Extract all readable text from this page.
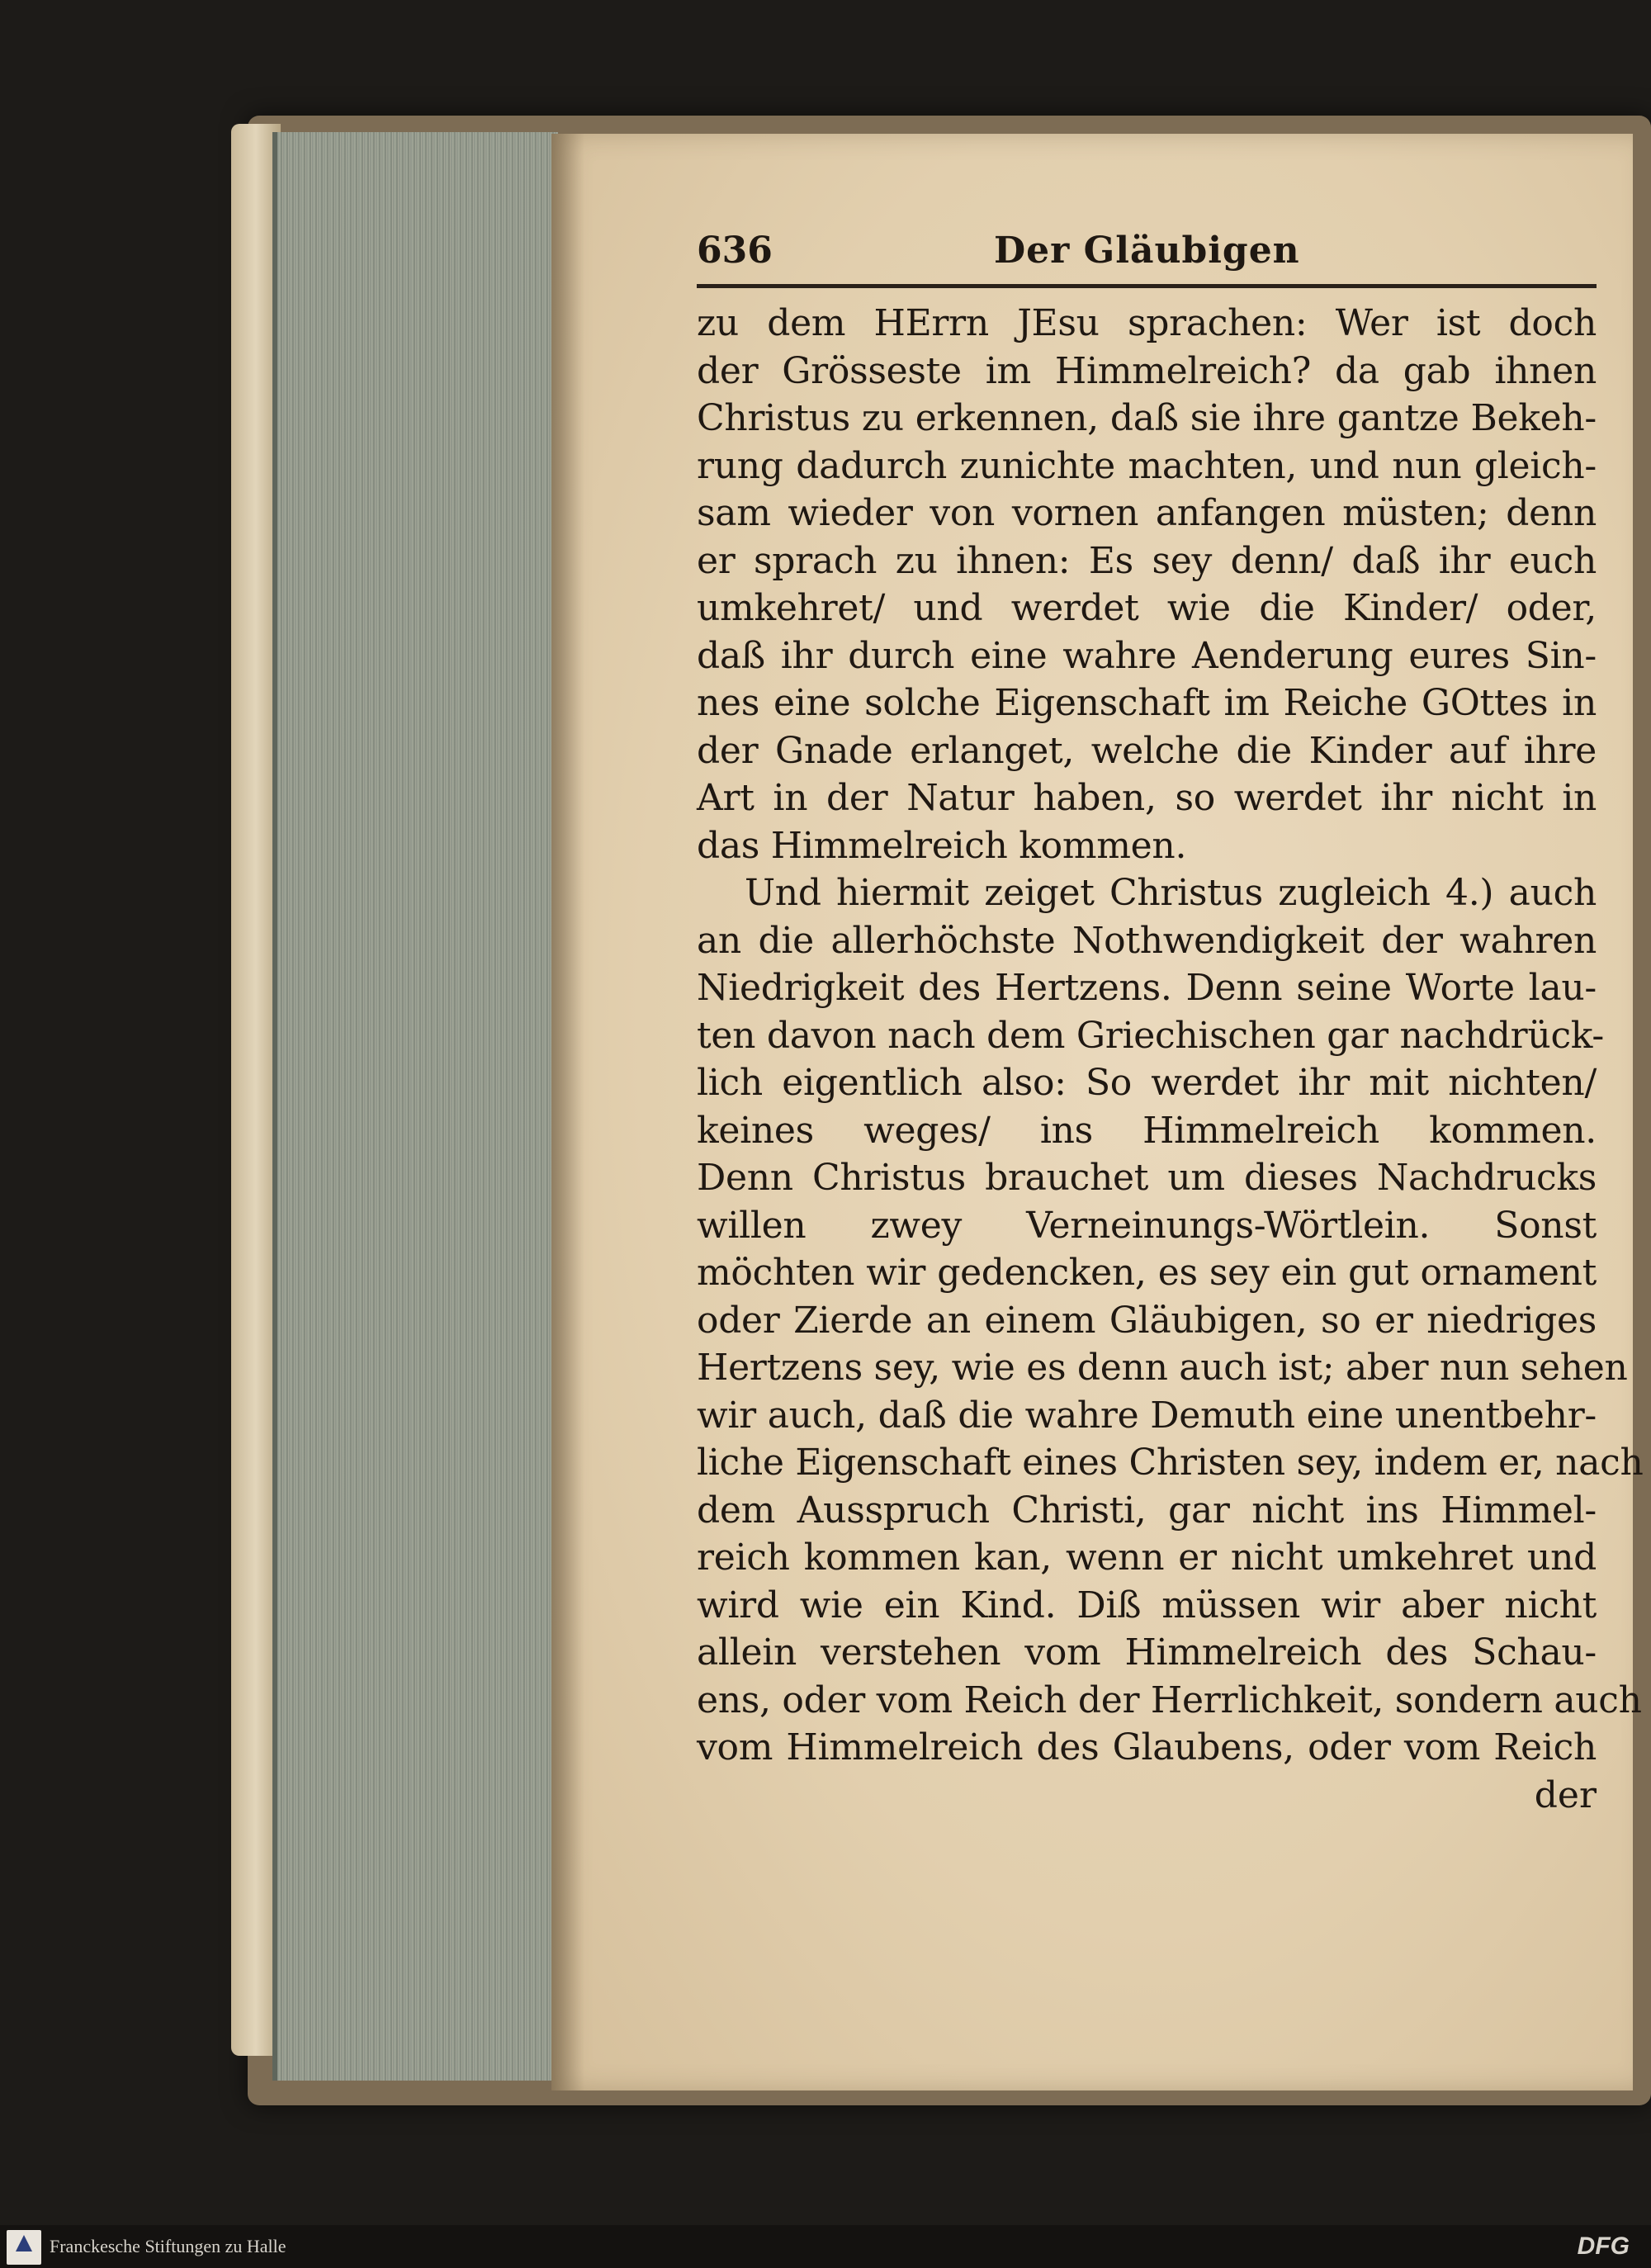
636	Der Gläubigen
zu dem HErrn JEsu sprachen: Wer ist doch
der Grösseste im Himmelreich? da gab ihnen
Christus zu erkennen, daß sie ihre gantze Bekeh-
rung dadurch zunichte machten, und nun gleich-
sam wieder von vornen anfangen müsten; denn
er sprach zu ihnen: Es sey denn/ daß ihr euch
umkehret/ und werdet wie die Kinder/ oder,
daß ihr durch eine wahre Aenderung eures Sin-
nes eine solche Eigenschaft im Reiche GOttes in
der Gnade erlanget, welche die Kinder auf ihre
Art in der Natur haben, so werdet ihr nicht in
das Himmelreich kommen.
Und hiermit zeiget Christus zugleich 4.) auch
an die allerhöchste Nothwendigkeit der wahren
Niedrigkeit des Hertzens. Denn seine Worte lau-
ten davon nach dem Griechischen gar nachdrück-
lich eigentlich also: So werdet ihr mit nichten/
keines weges/ ins Himmelreich kommen.
Denn Christus brauchet um dieses Nachdrucks
willen zwey Verneinungs-Wörtlein. Sonst
möchten wir gedencken, es sey ein gut ornament
oder Zierde an einem Gläubigen, so er niedriges
Hertzens sey, wie es denn auch ist; aber nun sehen
wir auch, daß die wahre Demuth eine unentbehr-
liche Eigenschaft eines Christen sey, indem er, nach
dem Ausspruch Christi, gar nicht ins Himmel-
reich kommen kan, wenn er nicht umkehret und
wird wie ein Kind. Diß müssen wir aber nicht
allein verstehen vom Himmelreich des Schau-
ens, oder vom Reich der Herrlichkeit, sondern auch
vom Himmelreich des Glaubens, oder vom Reich
der
Franckesche Stiftungen zu Halle	DFG
